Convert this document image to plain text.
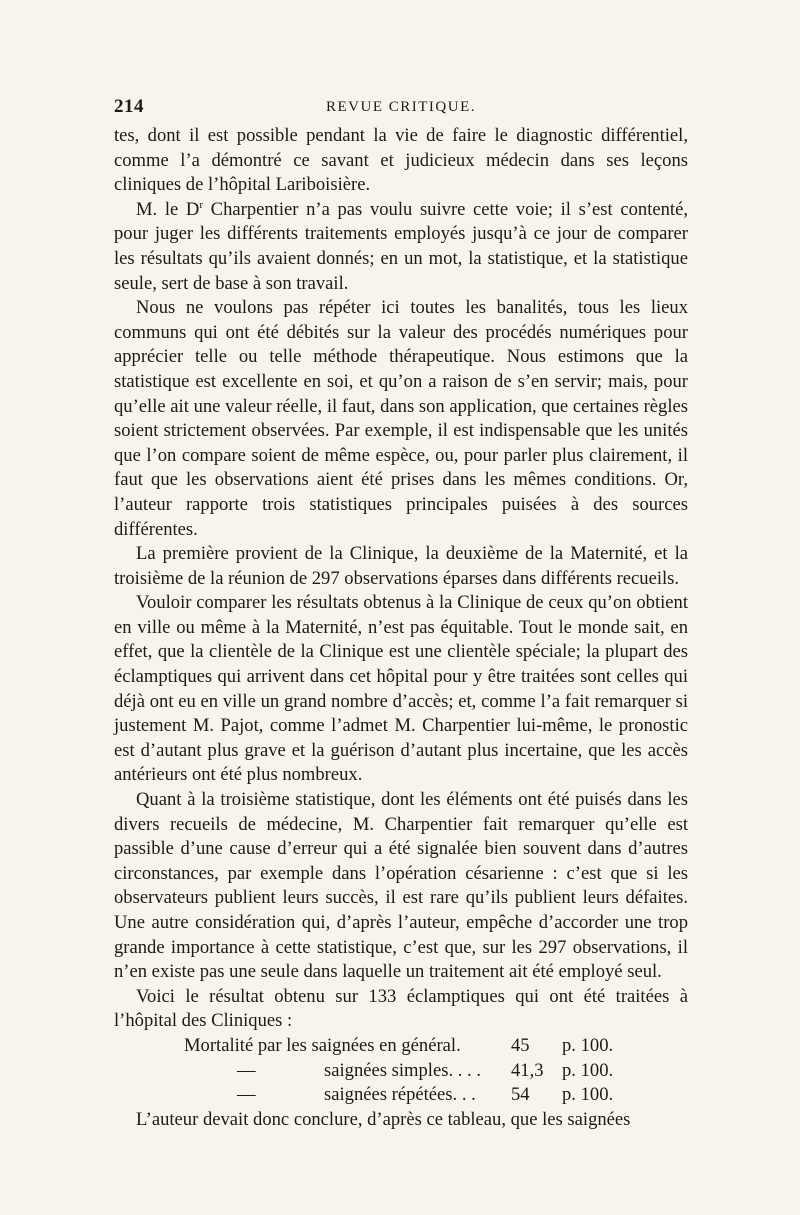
214	REVUE CRITIQUE.

tes, dont il est possible pendant la vie de faire le diagnostic différentiel, comme l’a démontré ce savant et judicieux médecin dans ses leçons cliniques de l’hôpital Lariboisière.

M. le $D^r$ Charpentier n’a pas voulu suivre cette voie; il s’est contenté, pour juger les différents traitements employés jusqu’à ce jour de comparer les résultats qu’ils avaient donnés; en un mot, la statistique, et la statistique seule, sert de base à son travail.

Nous ne voulons pas répéter ici toutes les banalités, tous les lieux communs qui ont été débités sur la valeur des procédés numériques pour apprécier telle ou telle méthode thérapeutique. Nous estimons que la statistique est excellente en soi, et qu’on a raison de s’en servir; mais, pour qu’elle ait une valeur réelle, il faut, dans son application, que certaines règles soient strictement observées. Par exemple, il est indispensable que les unités que l’on compare soient de même espèce, ou, pour parler plus clairement, il faut que les observations aient été prises dans les mêmes conditions. Or, l’auteur rapporte trois statistiques principales puisées à des sources différentes.

La première provient de la Clinique, la deuxième de la Maternité, et la troisième de la réunion de 297 observations éparses dans différents recueils.

Vouloir comparer les résultats obtenus à la Clinique de ceux qu’on obtient en ville ou même à la Maternité, n’est pas équitable. Tout le monde sait, en effet, que la clientèle de la Clinique est une clientèle spéciale; la plupart des éclamptiques qui arrivent dans cet hôpital pour y être traitées sont celles qui déjà ont eu en ville un grand nombre d’accès; et, comme l’a fait remarquer si justement M. Pajot, comme l’admet M. Charpentier lui-même, le pronostic est d’autant plus grave et la guérison d’autant plus incertaine, que les accès antérieurs ont été plus nombreux.

Quant à la troisième statistique, dont les éléments ont été puisés dans les divers recueils de médecine, M. Charpentier fait remarquer qu’elle est passible d’une cause d’erreur qui a été signalée bien souvent dans d’autres circonstances, par exemple dans l’opération césarienne : c’est que si les observateurs publient leurs succès, il est rare qu’ils publient leurs défaites. Une autre considération qui, d’après l’auteur, empêche d’accorder une trop grande importance à cette statistique, c’est que, sur les 297 observations, il n’en existe pas une seule dans laquelle un traitement ait été employé seul.

Voici le résultat obtenu sur 133 éclamptiques qui ont été traitées à l’hôpital des Cliniques :

Mortalité par les saignées en général.	45 p. 100.
—	saignées simples. . . . 41,3 p. 100.
—	saignées répétées. . . 54 p. 100.

L’auteur devait donc conclure, d’après ce tableau, que les saignées
